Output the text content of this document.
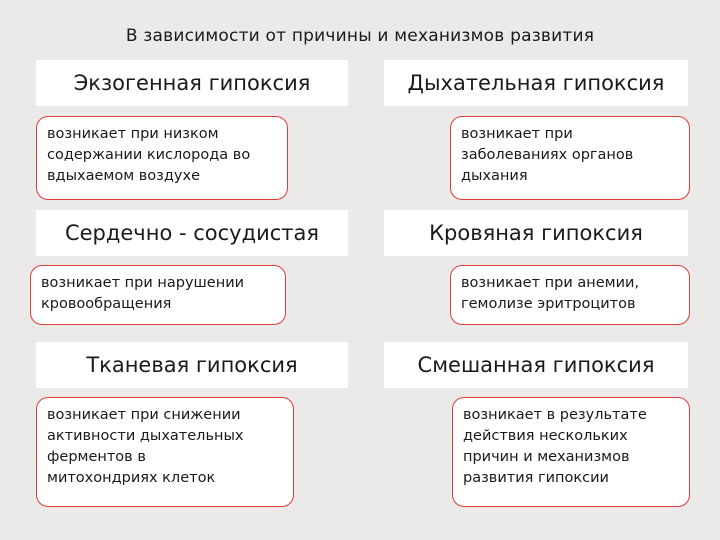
В зависимости от причины и механизмов развития
Экзогенная гипоксия
возникает при низком
содержании кислорода во
вдыхаемом воздухе
Дыхательная гипоксия
возникает при
заболеваниях органов
дыхания
Сердечно - сосудистая
возникает при нарушении
кровообращения
Кровяная гипоксия
возникает при анемии,
гемолизе эритроцитов
Тканевая гипоксия
возникает при снижении
активности дыхательных
ферментов в
митохондриях клеток
Смешанная гипоксия
возникает в результате
действия нескольких
причин и механизмов
развития гипоксии
